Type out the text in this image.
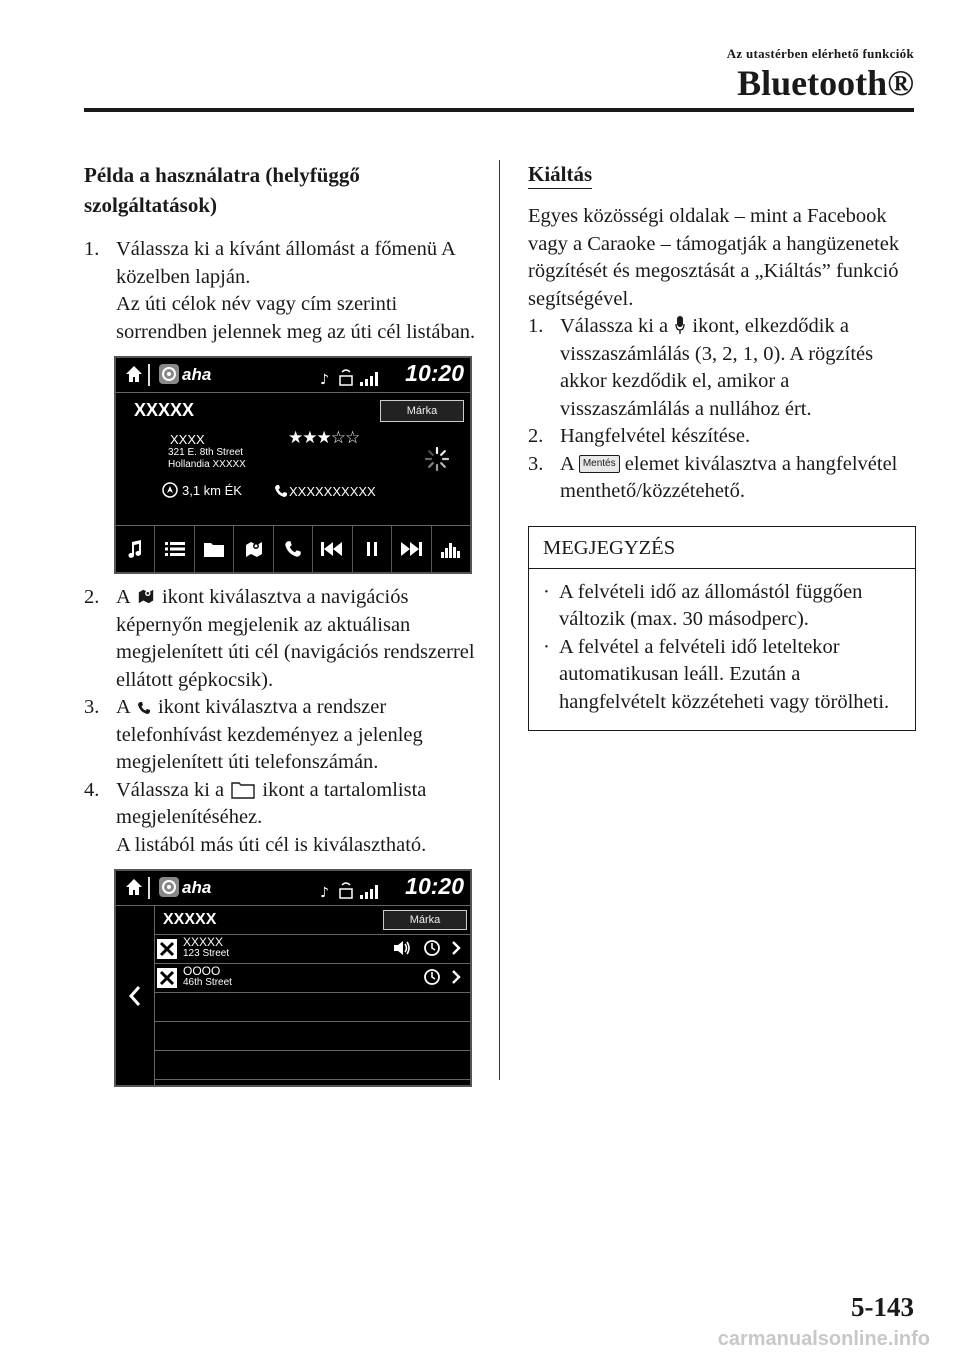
Az utastérben elérhető funkciók
Bluetooth®
Példa a használatra (helyfüggő szolgáltatások)
1. Válassza ki a kívánt állomást a főmenü A közelben lapján.
Az úti célok név vagy cím szerinti sorrendben jelennek meg az úti cél listában.
aha	♪	10:20
XXXXX	Márka
XXXX
321 E. 8th Street
Hollandia XXXXX
★★★☆☆
3,1 km ÉK	XXXXXXXXXX
2. A ikont kiválasztva a navigációs képernyőn megjelenik az aktuálisan megjelenített úti cél (navigációs rendszerrel ellátott gépkocsik).
3. A ikont kiválasztva a rendszer telefonhívást kezdeményez a jelenleg megjelenített úti telefonszámán.
4. Válassza ki a ikont a tartalomlista megjelenítéséhez.
A listából más úti cél is kiválasztható.
aha	♪	10:20
XXXXX	Márka
XXXXX
123 Street
OOOO
46th Street
Kiáltás
Egyes közösségi oldalak – mint a Facebook vagy a Caraoke – támogatják a hangüzenetek rögzítését és megosztását a „Kiáltás” funkció segítségével.
1. Válassza ki a ikont, elkezdődik a visszaszámlálás (3, 2, 1, 0). A rögzítés akkor kezdődik el, amikor a visszaszámlálás a nullához ért.
2. Hangfelvétel készítése.
3. A Mentés elemet kiválasztva a hangfelvétel menthető/közzétehető.
MEGJEGYZÉS
· A felvételi idő az állomástól függően változik (max. 30 másodperc).
· A felvétel a felvételi idő leteltekor automatikusan leáll. Ezután a hangfelvételt közzéteheti vagy törölheti.
5-143
carmanualsonline.info
